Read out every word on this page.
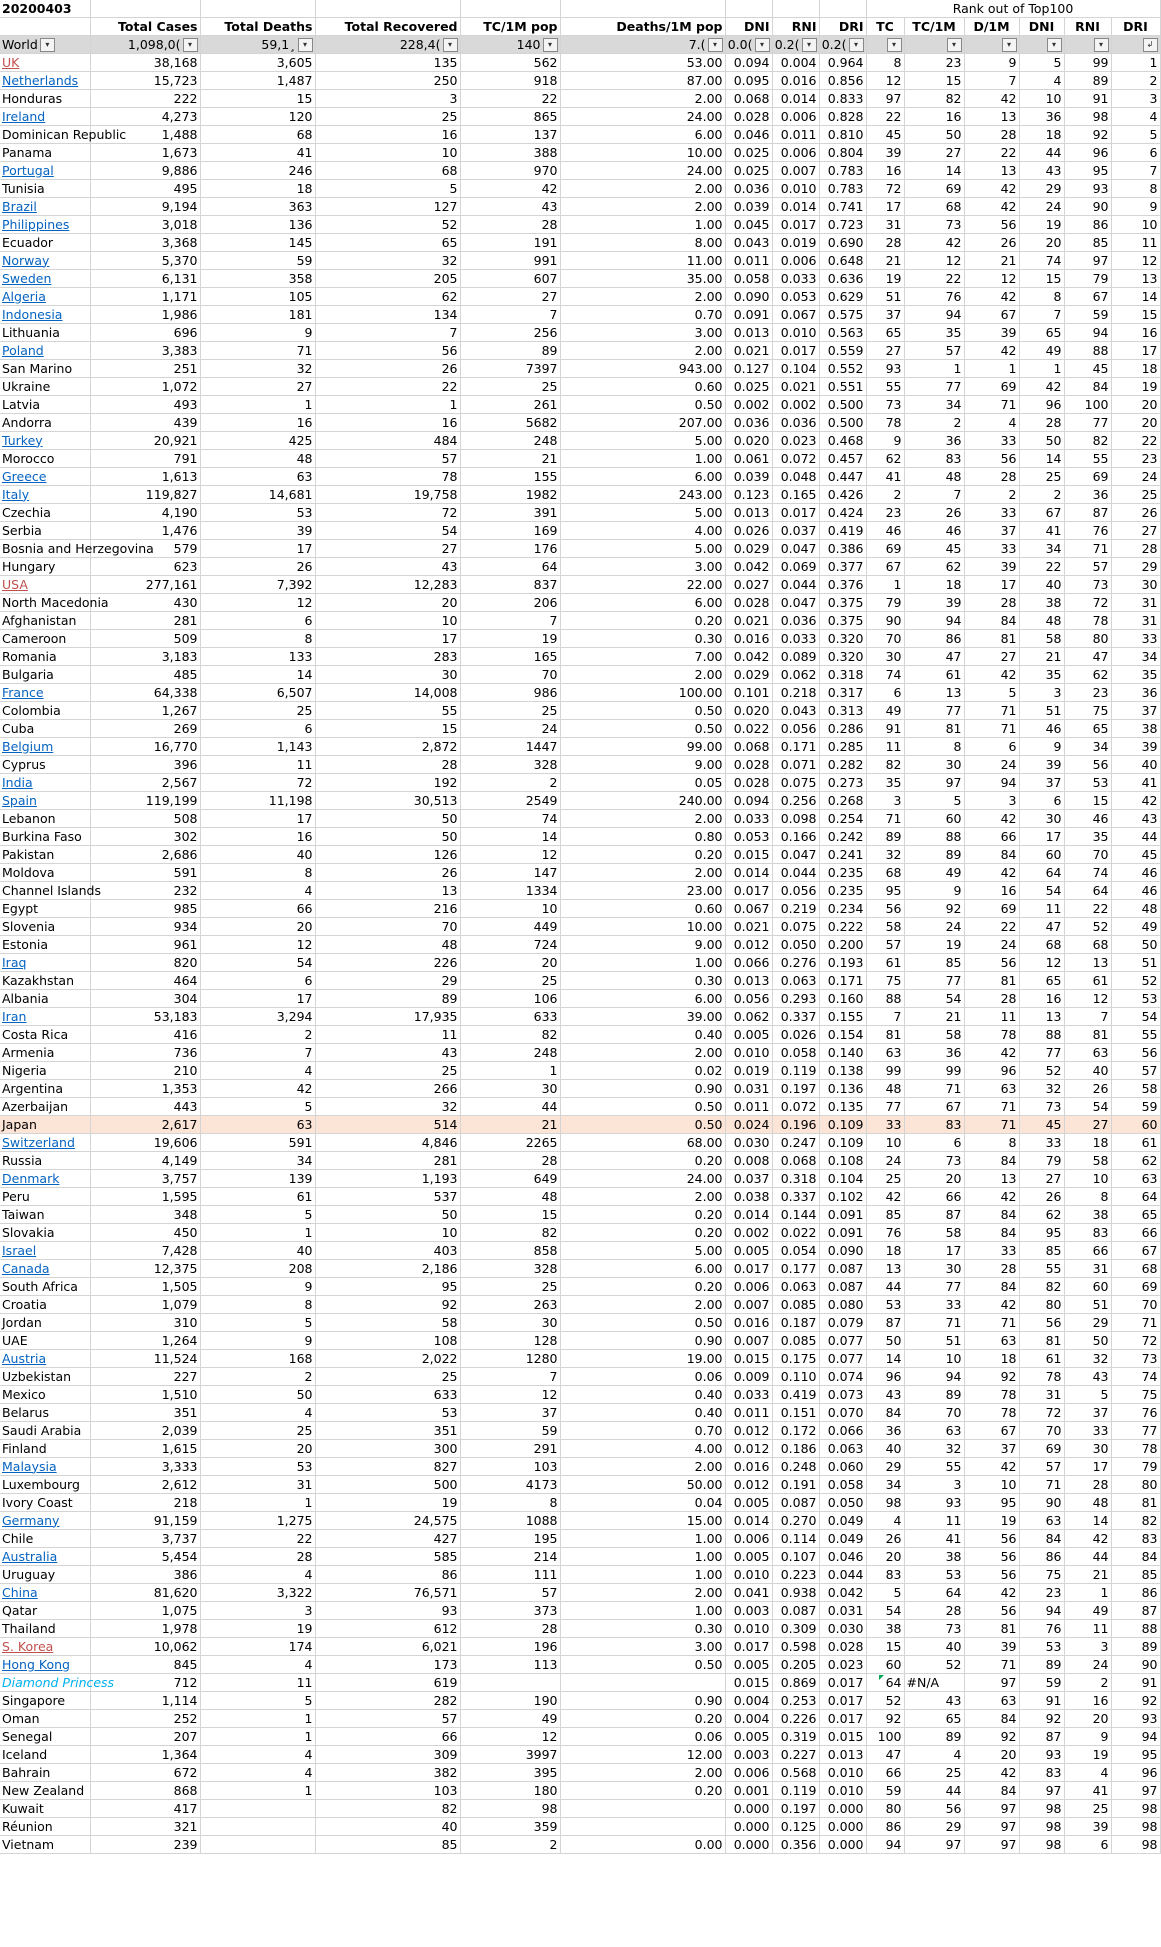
20200403									Rank out of Top100					
	Total Cases	Total Deaths	Total Recovered	TC/1M pop	Deaths/1M pop	DNI	RNI	DRI	TC	TC/1M	D/1M	DNI	RNI	DRI
World ▾	1,098,0( ▾	59,1¸ ▾	228,4( ▾	140 ▾	7.( ▾	0.0( ▾	0.2( ▾	0.2( ▾	▾	▾	▾	▾	▾	↲
UK	38,168	3,605	135	562	53.00	0.094	0.004	0.964	8	23	9	5	99	1
Netherlands	15,723	1,487	250	918	87.00	0.095	0.016	0.856	12	15	7	4	89	2
Honduras	222	15	3	22	2.00	0.068	0.014	0.833	97	82	42	10	91	3
Ireland	4,273	120	25	865	24.00	0.028	0.006	0.828	22	16	13	36	98	4
Dominican Republic	1,488	68	16	137	6.00	0.046	0.011	0.810	45	50	28	18	92	5
Panama	1,673	41	10	388	10.00	0.025	0.006	0.804	39	27	22	44	96	6
Portugal	9,886	246	68	970	24.00	0.025	0.007	0.783	16	14	13	43	95	7
Tunisia	495	18	5	42	2.00	0.036	0.010	0.783	72	69	42	29	93	8
Brazil	9,194	363	127	43	2.00	0.039	0.014	0.741	17	68	42	24	90	9
Philippines	3,018	136	52	28	1.00	0.045	0.017	0.723	31	73	56	19	86	10
Ecuador	3,368	145	65	191	8.00	0.043	0.019	0.690	28	42	26	20	85	11
Norway	5,370	59	32	991	11.00	0.011	0.006	0.648	21	12	21	74	97	12
Sweden	6,131	358	205	607	35.00	0.058	0.033	0.636	19	22	12	15	79	13
Algeria	1,171	105	62	27	2.00	0.090	0.053	0.629	51	76	42	8	67	14
Indonesia	1,986	181	134	7	0.70	0.091	0.067	0.575	37	94	67	7	59	15
Lithuania	696	9	7	256	3.00	0.013	0.010	0.563	65	35	39	65	94	16
Poland	3,383	71	56	89	2.00	0.021	0.017	0.559	27	57	42	49	88	17
San Marino	251	32	26	7397	943.00	0.127	0.104	0.552	93	1	1	1	45	18
Ukraine	1,072	27	22	25	0.60	0.025	0.021	0.551	55	77	69	42	84	19
Latvia	493	1	1	261	0.50	0.002	0.002	0.500	73	34	71	96	100	20
Andorra	439	16	16	5682	207.00	0.036	0.036	0.500	78	2	4	28	77	20
Turkey	20,921	425	484	248	5.00	0.020	0.023	0.468	9	36	33	50	82	22
Morocco	791	48	57	21	1.00	0.061	0.072	0.457	62	83	56	14	55	23
Greece	1,613	63	78	155	6.00	0.039	0.048	0.447	41	48	28	25	69	24
Italy	119,827	14,681	19,758	1982	243.00	0.123	0.165	0.426	2	7	2	2	36	25
Czechia	4,190	53	72	391	5.00	0.013	0.017	0.424	23	26	33	67	87	26
Serbia	1,476	39	54	169	4.00	0.026	0.037	0.419	46	46	37	41	76	27
Bosnia and Herzegovina	579	17	27	176	5.00	0.029	0.047	0.386	69	45	33	34	71	28
Hungary	623	26	43	64	3.00	0.042	0.069	0.377	67	62	39	22	57	29
USA	277,161	7,392	12,283	837	22.00	0.027	0.044	0.376	1	18	17	40	73	30
North Macedonia	430	12	20	206	6.00	0.028	0.047	0.375	79	39	28	38	72	31
Afghanistan	281	6	10	7	0.20	0.021	0.036	0.375	90	94	84	48	78	31
Cameroon	509	8	17	19	0.30	0.016	0.033	0.320	70	86	81	58	80	33
Romania	3,183	133	283	165	7.00	0.042	0.089	0.320	30	47	27	21	47	34
Bulgaria	485	14	30	70	2.00	0.029	0.062	0.318	74	61	42	35	62	35
France	64,338	6,507	14,008	986	100.00	0.101	0.218	0.317	6	13	5	3	23	36
Colombia	1,267	25	55	25	0.50	0.020	0.043	0.313	49	77	71	51	75	37
Cuba	269	6	15	24	0.50	0.022	0.056	0.286	91	81	71	46	65	38
Belgium	16,770	1,143	2,872	1447	99.00	0.068	0.171	0.285	11	8	6	9	34	39
Cyprus	396	11	28	328	9.00	0.028	0.071	0.282	82	30	24	39	56	40
India	2,567	72	192	2	0.05	0.028	0.075	0.273	35	97	94	37	53	41
Spain	119,199	11,198	30,513	2549	240.00	0.094	0.256	0.268	3	5	3	6	15	42
Lebanon	508	17	50	74	2.00	0.033	0.098	0.254	71	60	42	30	46	43
Burkina Faso	302	16	50	14	0.80	0.053	0.166	0.242	89	88	66	17	35	44
Pakistan	2,686	40	126	12	0.20	0.015	0.047	0.241	32	89	84	60	70	45
Moldova	591	8	26	147	2.00	0.014	0.044	0.235	68	49	42	64	74	46
Channel Islands	232	4	13	1334	23.00	0.017	0.056	0.235	95	9	16	54	64	46
Egypt	985	66	216	10	0.60	0.067	0.219	0.234	56	92	69	11	22	48
Slovenia	934	20	70	449	10.00	0.021	0.075	0.222	58	24	22	47	52	49
Estonia	961	12	48	724	9.00	0.012	0.050	0.200	57	19	24	68	68	50
Iraq	820	54	226	20	1.00	0.066	0.276	0.193	61	85	56	12	13	51
Kazakhstan	464	6	29	25	0.30	0.013	0.063	0.171	75	77	81	65	61	52
Albania	304	17	89	106	6.00	0.056	0.293	0.160	88	54	28	16	12	53
Iran	53,183	3,294	17,935	633	39.00	0.062	0.337	0.155	7	21	11	13	7	54
Costa Rica	416	2	11	82	0.40	0.005	0.026	0.154	81	58	78	88	81	55
Armenia	736	7	43	248	2.00	0.010	0.058	0.140	63	36	42	77	63	56
Nigeria	210	4	25	1	0.02	0.019	0.119	0.138	99	99	96	52	40	57
Argentina	1,353	42	266	30	0.90	0.031	0.197	0.136	48	71	63	32	26	58
Azerbaijan	443	5	32	44	0.50	0.011	0.072	0.135	77	67	71	73	54	59
Japan	2,617	63	514	21	0.50	0.024	0.196	0.109	33	83	71	45	27	60
Switzerland	19,606	591	4,846	2265	68.00	0.030	0.247	0.109	10	6	8	33	18	61
Russia	4,149	34	281	28	0.20	0.008	0.068	0.108	24	73	84	79	58	62
Denmark	3,757	139	1,193	649	24.00	0.037	0.318	0.104	25	20	13	27	10	63
Peru	1,595	61	537	48	2.00	0.038	0.337	0.102	42	66	42	26	8	64
Taiwan	348	5	50	15	0.20	0.014	0.144	0.091	85	87	84	62	38	65
Slovakia	450	1	10	82	0.20	0.002	0.022	0.091	76	58	84	95	83	66
Israel	7,428	40	403	858	5.00	0.005	0.054	0.090	18	17	33	85	66	67
Canada	12,375	208	2,186	328	6.00	0.017	0.177	0.087	13	30	28	55	31	68
South Africa	1,505	9	95	25	0.20	0.006	0.063	0.087	44	77	84	82	60	69
Croatia	1,079	8	92	263	2.00	0.007	0.085	0.080	53	33	42	80	51	70
Jordan	310	5	58	30	0.50	0.016	0.187	0.079	87	71	71	56	29	71
UAE	1,264	9	108	128	0.90	0.007	0.085	0.077	50	51	63	81	50	72
Austria	11,524	168	2,022	1280	19.00	0.015	0.175	0.077	14	10	18	61	32	73
Uzbekistan	227	2	25	7	0.06	0.009	0.110	0.074	96	94	92	78	43	74
Mexico	1,510	50	633	12	0.40	0.033	0.419	0.073	43	89	78	31	5	75
Belarus	351	4	53	37	0.40	0.011	0.151	0.070	84	70	78	72	37	76
Saudi Arabia	2,039	25	351	59	0.70	0.012	0.172	0.066	36	63	67	70	33	77
Finland	1,615	20	300	291	4.00	0.012	0.186	0.063	40	32	37	69	30	78
Malaysia	3,333	53	827	103	2.00	0.016	0.248	0.060	29	55	42	57	17	79
Luxembourg	2,612	31	500	4173	50.00	0.012	0.191	0.058	34	3	10	71	28	80
Ivory Coast	218	1	19	8	0.04	0.005	0.087	0.050	98	93	95	90	48	81
Germany	91,159	1,275	24,575	1088	15.00	0.014	0.270	0.049	4	11	19	63	14	82
Chile	3,737	22	427	195	1.00	0.006	0.114	0.049	26	41	56	84	42	83
Australia	5,454	28	585	214	1.00	0.005	0.107	0.046	20	38	56	86	44	84
Uruguay	386	4	86	111	1.00	0.010	0.223	0.044	83	53	56	75	21	85
China	81,620	3,322	76,571	57	2.00	0.041	0.938	0.042	5	64	42	23	1	86
Qatar	1,075	3	93	373	1.00	0.003	0.087	0.031	54	28	56	94	49	87
Thailand	1,978	19	612	28	0.30	0.010	0.309	0.030	38	73	81	76	11	88
S. Korea	10,062	174	6,021	196	3.00	0.017	0.598	0.028	15	40	39	53	3	89
Hong Kong	845	4	173	113	0.50	0.005	0.205	0.023	60	52	71	89	24	90
Diamond Princess	712	11	619			0.015	0.869	0.017	64	#N/A	97	59	2	91
Singapore	1,114	5	282	190	0.90	0.004	0.253	0.017	52	43	63	91	16	92
Oman	252	1	57	49	0.20	0.004	0.226	0.017	92	65	84	92	20	93
Senegal	207	1	66	12	0.06	0.005	0.319	0.015	100	89	92	87	9	94
Iceland	1,364	4	309	3997	12.00	0.003	0.227	0.013	47	4	20	93	19	95
Bahrain	672	4	382	395	2.00	0.006	0.568	0.010	66	25	42	83	4	96
New Zealand	868	1	103	180	0.20	0.001	0.119	0.010	59	44	84	97	41	97
Kuwait	417		82	98		0.000	0.197	0.000	80	56	97	98	25	98
Réunion	321		40	359		0.000	0.125	0.000	86	29	97	98	39	98
Vietnam	239		85	2	0.00	0.000	0.356	0.000	94	97	97	98	6	98
